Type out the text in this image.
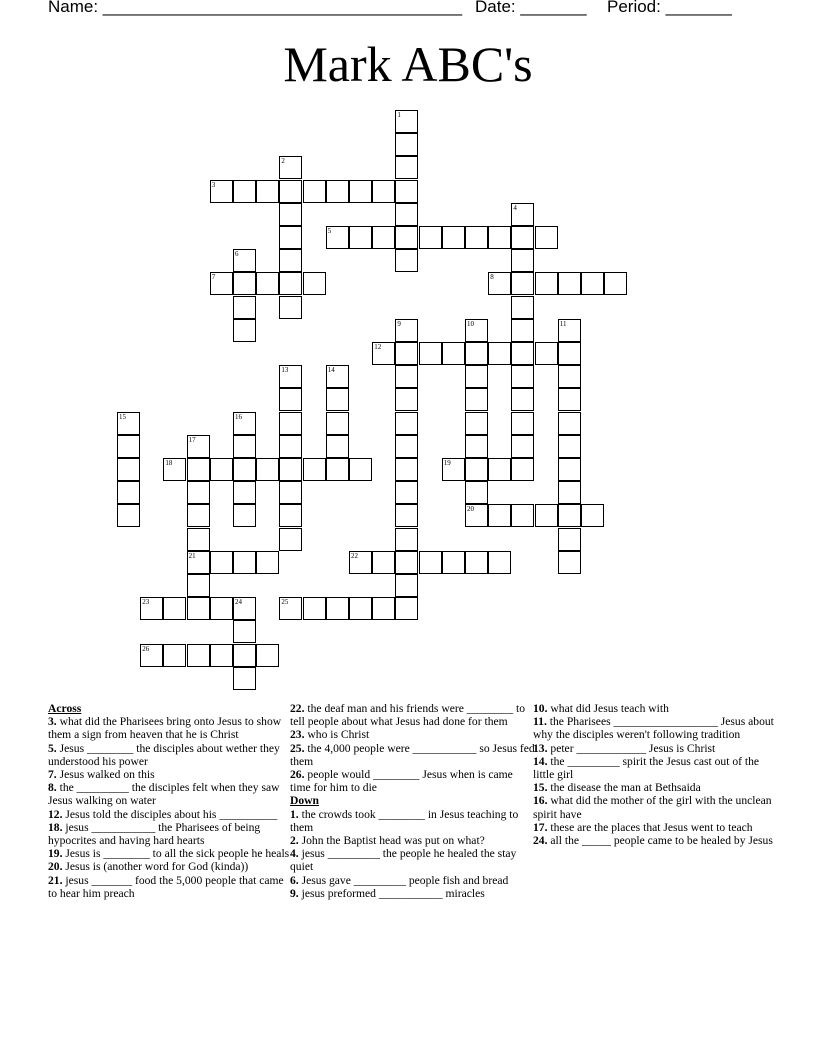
Name: ______________________________________ Date: _______ Period: _______
Mark ABC's
1
2
3
4
5
6
7	8
9	10	11
12
13	14
15	16
17
21
18	19
20
22
23	24	25
26
Across

3. what did the Pharisees bring onto Jesus to show them a sign from heaven that he is Christ

5. Jesus ________ the disciples about wether they understood his power

7. Jesus walked on this

8. the _________ the disciples felt when they saw Jesus walking on water

12. Jesus told the disciples about his __________

18. jesus ___________ the Pharisees of being hypocrites and having hard hearts

19. Jesus is ________ to all the sick people he heals

20. Jesus is (another word for God (kinda))

21. jesus _______ food the 5,000 people that came to hear him preach

22. the deaf man and his friends were ________ to tell people about what Jesus had done for them

23. who is Christ

25. the 4,000 people were ___________ so Jesus fed them

26. people would ________ Jesus when is came time for him to die

Down

1. the crowds took ________ in Jesus teaching to them

2. John the Baptist head was put on what?

4. jesus _________ the people he healed the stay quiet

6. Jesus gave _________ people fish and bread

9. jesus preformed ___________ miracles

10. what did Jesus teach with

11. the Pharisees __________________ Jesus about why the disciples weren't following tradition

13. peter ____________ Jesus is Christ

14. the _________ spirit the Jesus cast out of the little girl

15. the disease the man at Bethsaida

16. what did the mother of the girl with the unclean spirit have

17. these are the places that Jesus went to teach

24. all the _____ people came to be healed by Jesus
